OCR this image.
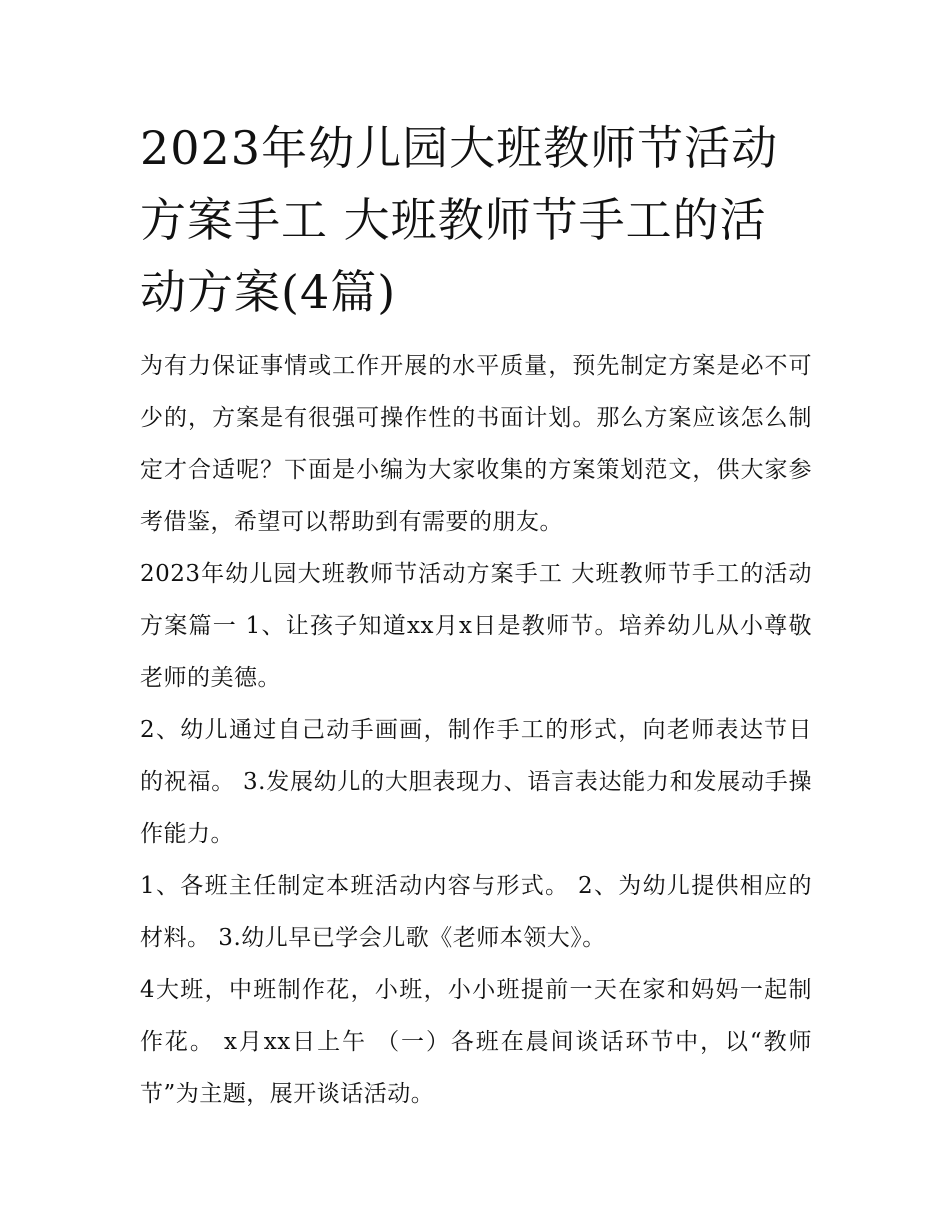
2023年幼儿园大班教师节活动方案手工 大班教师节手工的活动方案(4篇)

为有力保证事情或工作开展的水平质量，预先制定方案是必不可少的，方案是有很强可操作性的书面计划。那么方案应该怎么制定才合适呢？下面是小编为大家收集的方案策划范文，供大家参考借鉴，希望可以帮助到有需要的朋友。

2023年幼儿园大班教师节活动方案手工 大班教师节手工的活动方案篇一 1、让孩子知道xx月x日是教师节。培养幼儿从小尊敬老师的美德。

2、幼儿通过自己动手画画，制作手工的形式，向老师表达节日的祝福。 3.发展幼儿的大胆表现力、语言表达能力和发展动手操作能力。

1、各班主任制定本班活动内容与形式。 2、为幼儿提供相应的材料。 3.幼儿早已学会儿歌《老师本领大》。

4大班，中班制作花，小班，小小班提前一天在家和妈妈一起制作花。 x月xx日上午 （一）各班在晨间谈话环节中，以“教师节”为主题，展开谈话活动。
